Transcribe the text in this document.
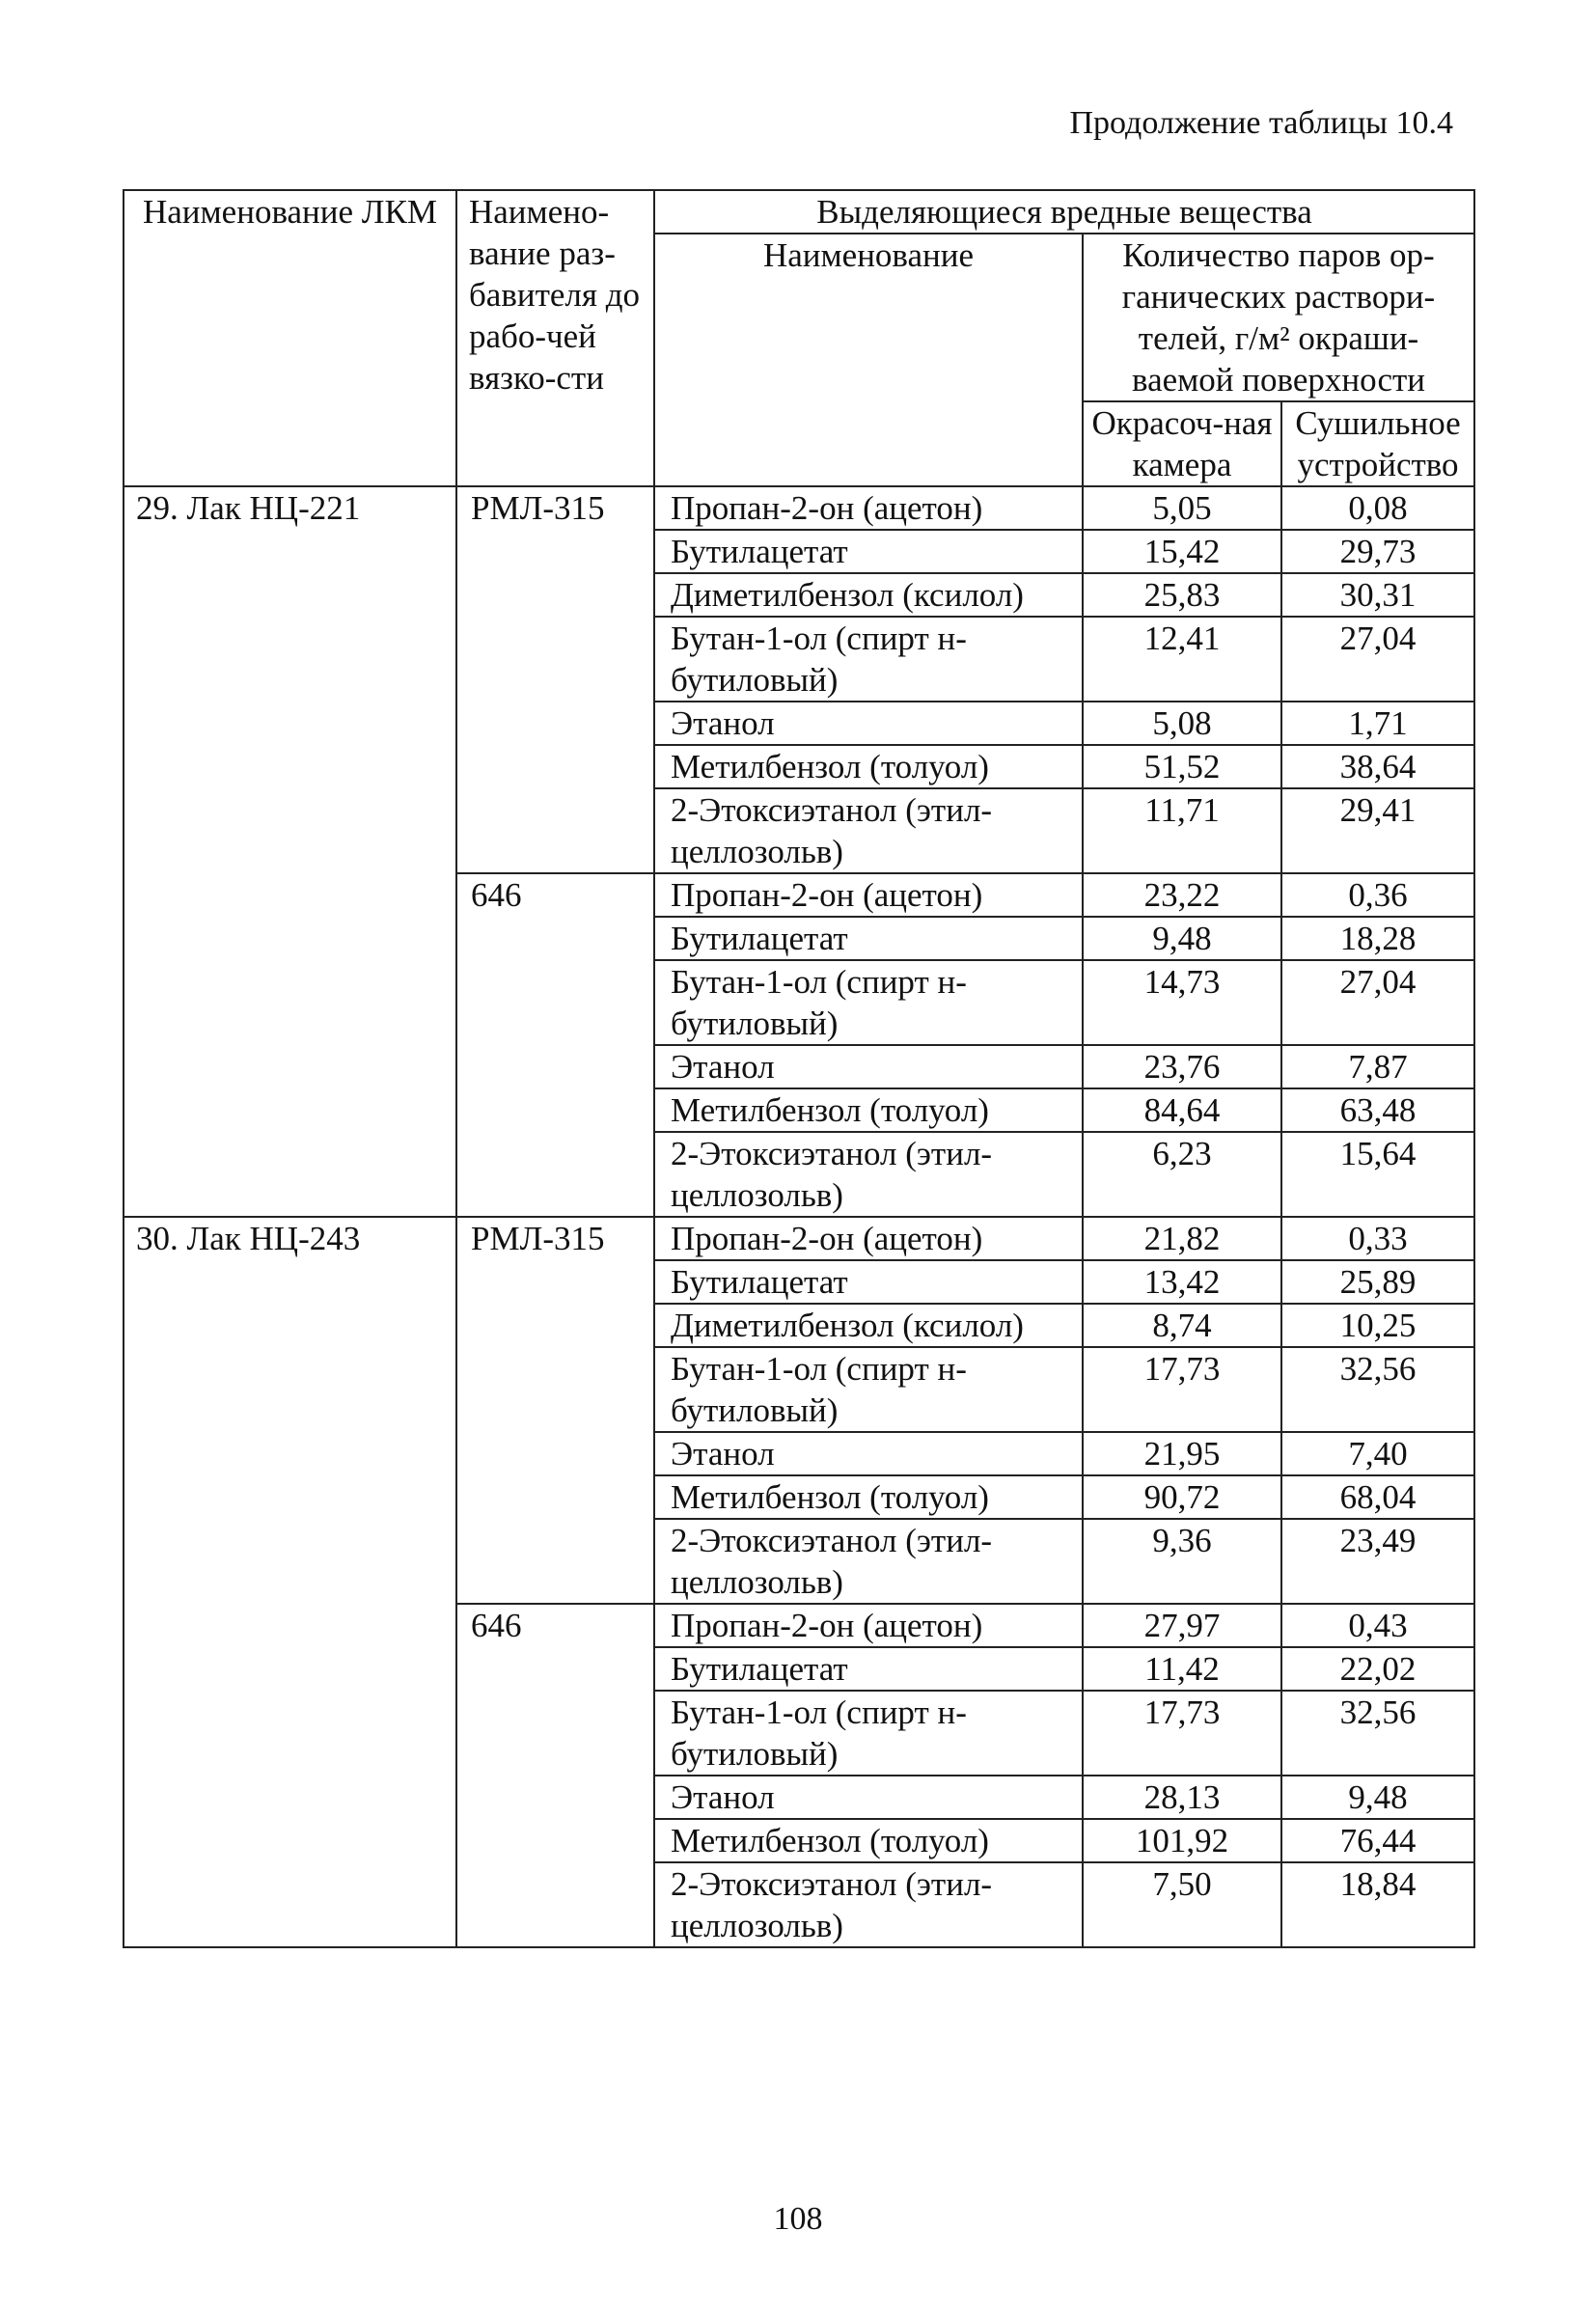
Продолжение таблицы 10.4
Наименование ЛКМ	Наимено-вание раз-бавителя до рабо-чей вязко-сти	Выделяющиеся вредные вещества		
		Наименование	Количество паров ор-ганических раствори-телей, г/м² окраши-ваемой поверхности	
			Окрасоч-ная камера	Сушильное устройство
29. Лак НЦ-221	РМЛ-315	Пропан-2-он (ацетон)	5,05	0,08
		Бутилацетат	15,42	29,73
		Диметилбензол (ксилол)	25,83	30,31
		Бутан-1-ол (спирт н-бутиловый)	12,41	27,04
		Этанол	5,08	1,71
		Метилбензол (толуол)	51,52	38,64
		2-Этоксиэтанол (этил-целлозольв)	11,71	29,41
	646	Пропан-2-он (ацетон)	23,22	0,36
		Бутилацетат	9,48	18,28
		Бутан-1-ол (спирт н-бутиловый)	14,73	27,04
		Этанол	23,76	7,87
		Метилбензол (толуол)	84,64	63,48
		2-Этоксиэтанол (этил-целлозольв)	6,23	15,64
30. Лак НЦ-243	РМЛ-315	Пропан-2-он (ацетон)	21,82	0,33
		Бутилацетат	13,42	25,89
		Диметилбензол (ксилол)	8,74	10,25
		Бутан-1-ол (спирт н-бутиловый)	17,73	32,56
		Этанол	21,95	7,40
		Метилбензол (толуол)	90,72	68,04
		2-Этоксиэтанол (этил-целлозольв)	9,36	23,49
	646	Пропан-2-он (ацетон)	27,97	0,43
		Бутилацетат	11,42	22,02
		Бутан-1-ол (спирт н-бутиловый)	17,73	32,56
		Этанол	28,13	9,48
		Метилбензол (толуол)	101,92	76,44
		2-Этоксиэтанол (этил-целлозольв)	7,50	18,84
108
